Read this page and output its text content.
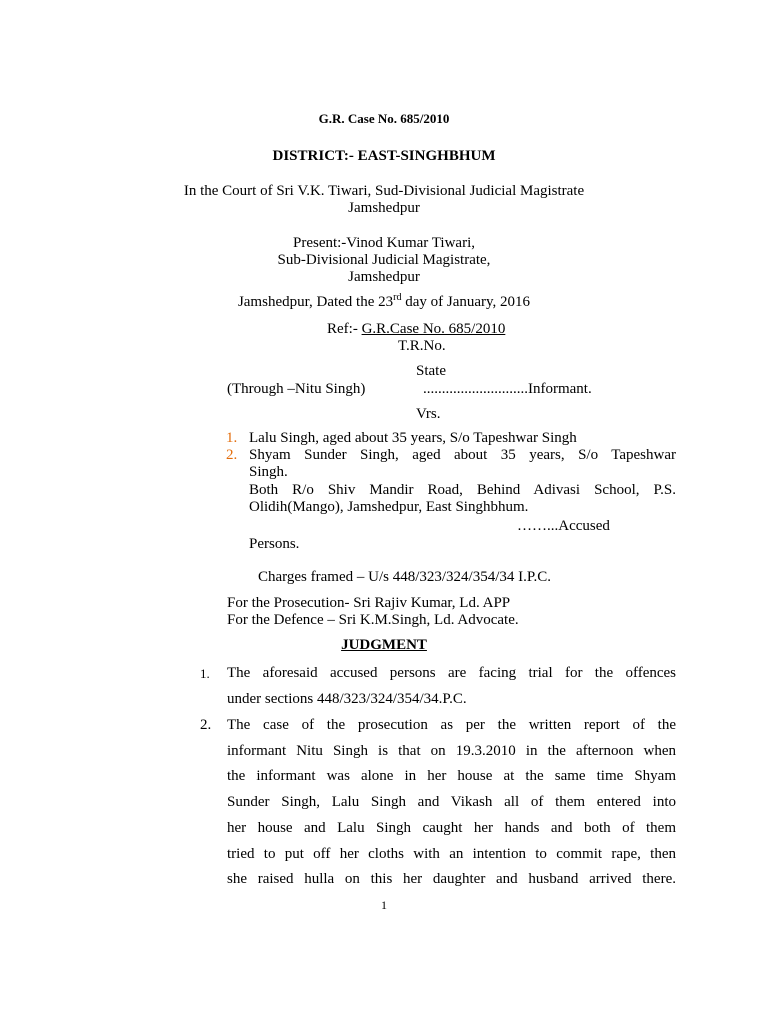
G.R. Case No. 685/2010
DISTRICT:- EAST-SINGHBHUM
In the Court of Sri V.K. Tiwari, Sud-Divisional Judicial Magistrate
Jamshedpur
Present:-Vinod Kumar Tiwari,
Sub-Divisional Judicial Magistrate,
Jamshedpur
Jamshedpur, Dated the 23rd day of January, 2016
Ref:- G.R.Case No. 685/2010
T.R.No.
State
(Through –Nitu Singh)	............................Informant.
Vrs.
1. Lalu Singh, aged about 35 years, S/o Tapeshwar Singh
2. Shyam Sunder Singh, aged about 35 years, S/o Tapeshwar
Singh.
Both R/o Shiv Mandir Road, Behind Adivasi School, P.S.
Olidih(Mango), Jamshedpur, East Singhbhum.
……...Accused
Persons.
Charges framed – U/s 448/323/324/354/34 I.P.C.
For the Prosecution- Sri Rajiv Kumar, Ld. APP
For the Defence – Sri K.M.Singh, Ld. Advocate.
JUDGMENT
1. The aforesaid accused persons are facing trial for the offences
under sections 448/323/324/354/34.P.C.
2. The case of the prosecution as per the written report of the
informant Nitu Singh is that on 19.3.2010 in the afternoon when
the informant was alone in her house at the same time Shyam
Sunder Singh, Lalu Singh and Vikash all of them entered into
her house and Lalu Singh caught her hands and both of them
tried to put off her cloths with an intention to commit rape, then
she raised hulla on this her daughter and husband arrived there.
1
